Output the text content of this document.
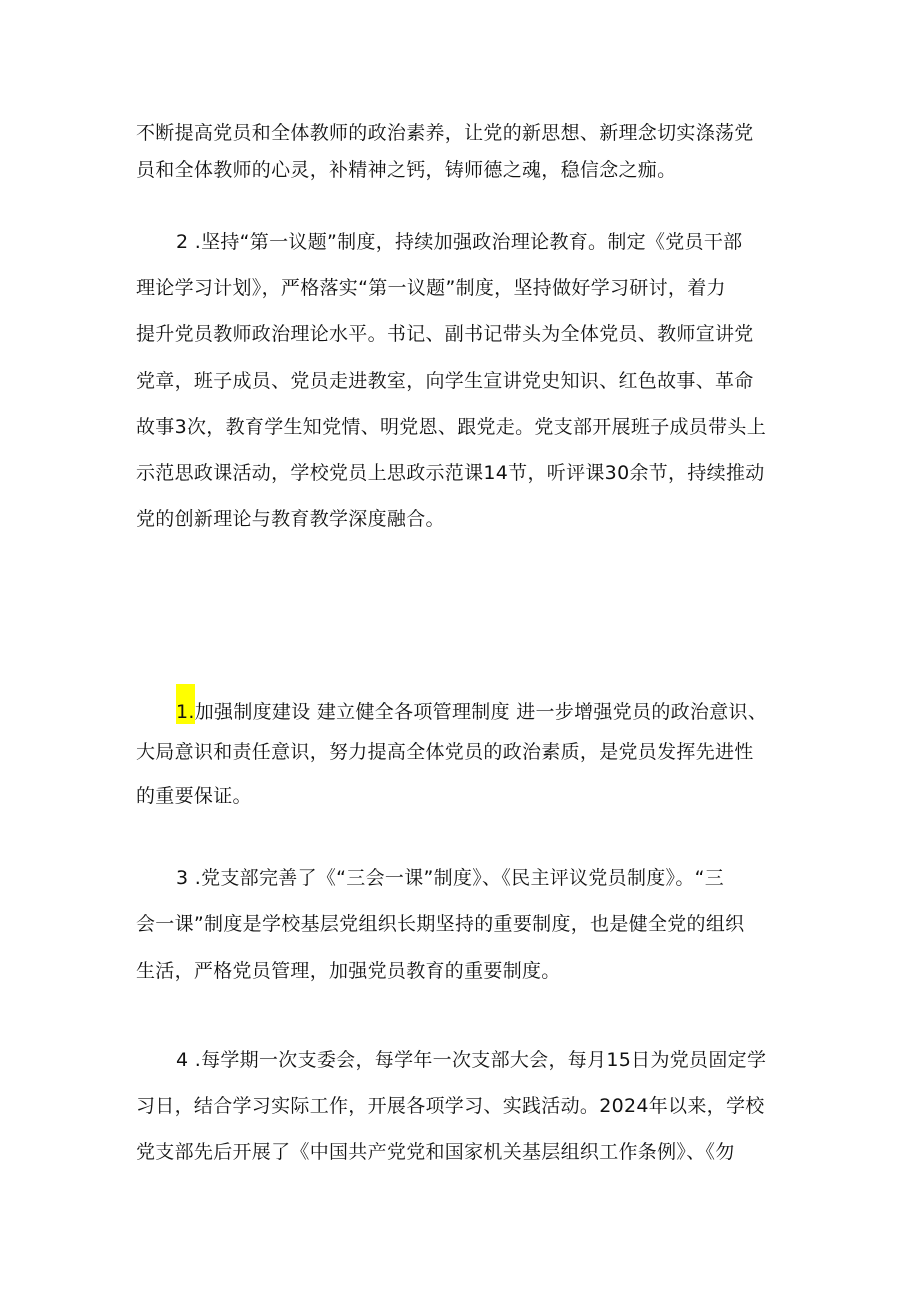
不断提高党员和全体教师的政治素养，让党的新思想、新理念切实涤荡党
员和全体教师的心灵，补精神之钙，铸师德之魂，稳信念之痂。
2 .坚持“第一议题”制度，持续加强政治理论教育。制定《党员干部
理论学习计划》，严格落实“第一议题”制度，坚持做好学习研讨，着力
提升党员教师政治理论水平。书记、副书记带头为全体党员、教师宣讲党
党章，班子成员、党员走进教室，向学生宣讲党史知识、红色故事、革命
故事3次，教育学生知党情、明党恩、跟党走。党支部开展班子成员带头上
示范思政课活动，学校党员上思政示范课14节，听评课30余节，持续推动
党的创新理论与教育教学深度融合。
1.加强制度建设 建立健全各项管理制度 进一步增强党员的政治意识、
大局意识和责任意识，努力提高全体党员的政治素质，是党员发挥先进性
的重要保证。
3 .党支部完善了《“三会一课”制度》、《民主评议党员制度》。“三
会一课”制度是学校基层党组织长期坚持的重要制度，也是健全党的组织
生活，严格党员管理，加强党员教育的重要制度。
4 .每学期一次支委会，每学年一次支部大会，每月15日为党员固定学
习日，结合学习实际工作，开展各项学习、实践活动。2024年以来，学校
党支部先后开展了《中国共产党党和国家机关基层组织工作条例》、《勿
